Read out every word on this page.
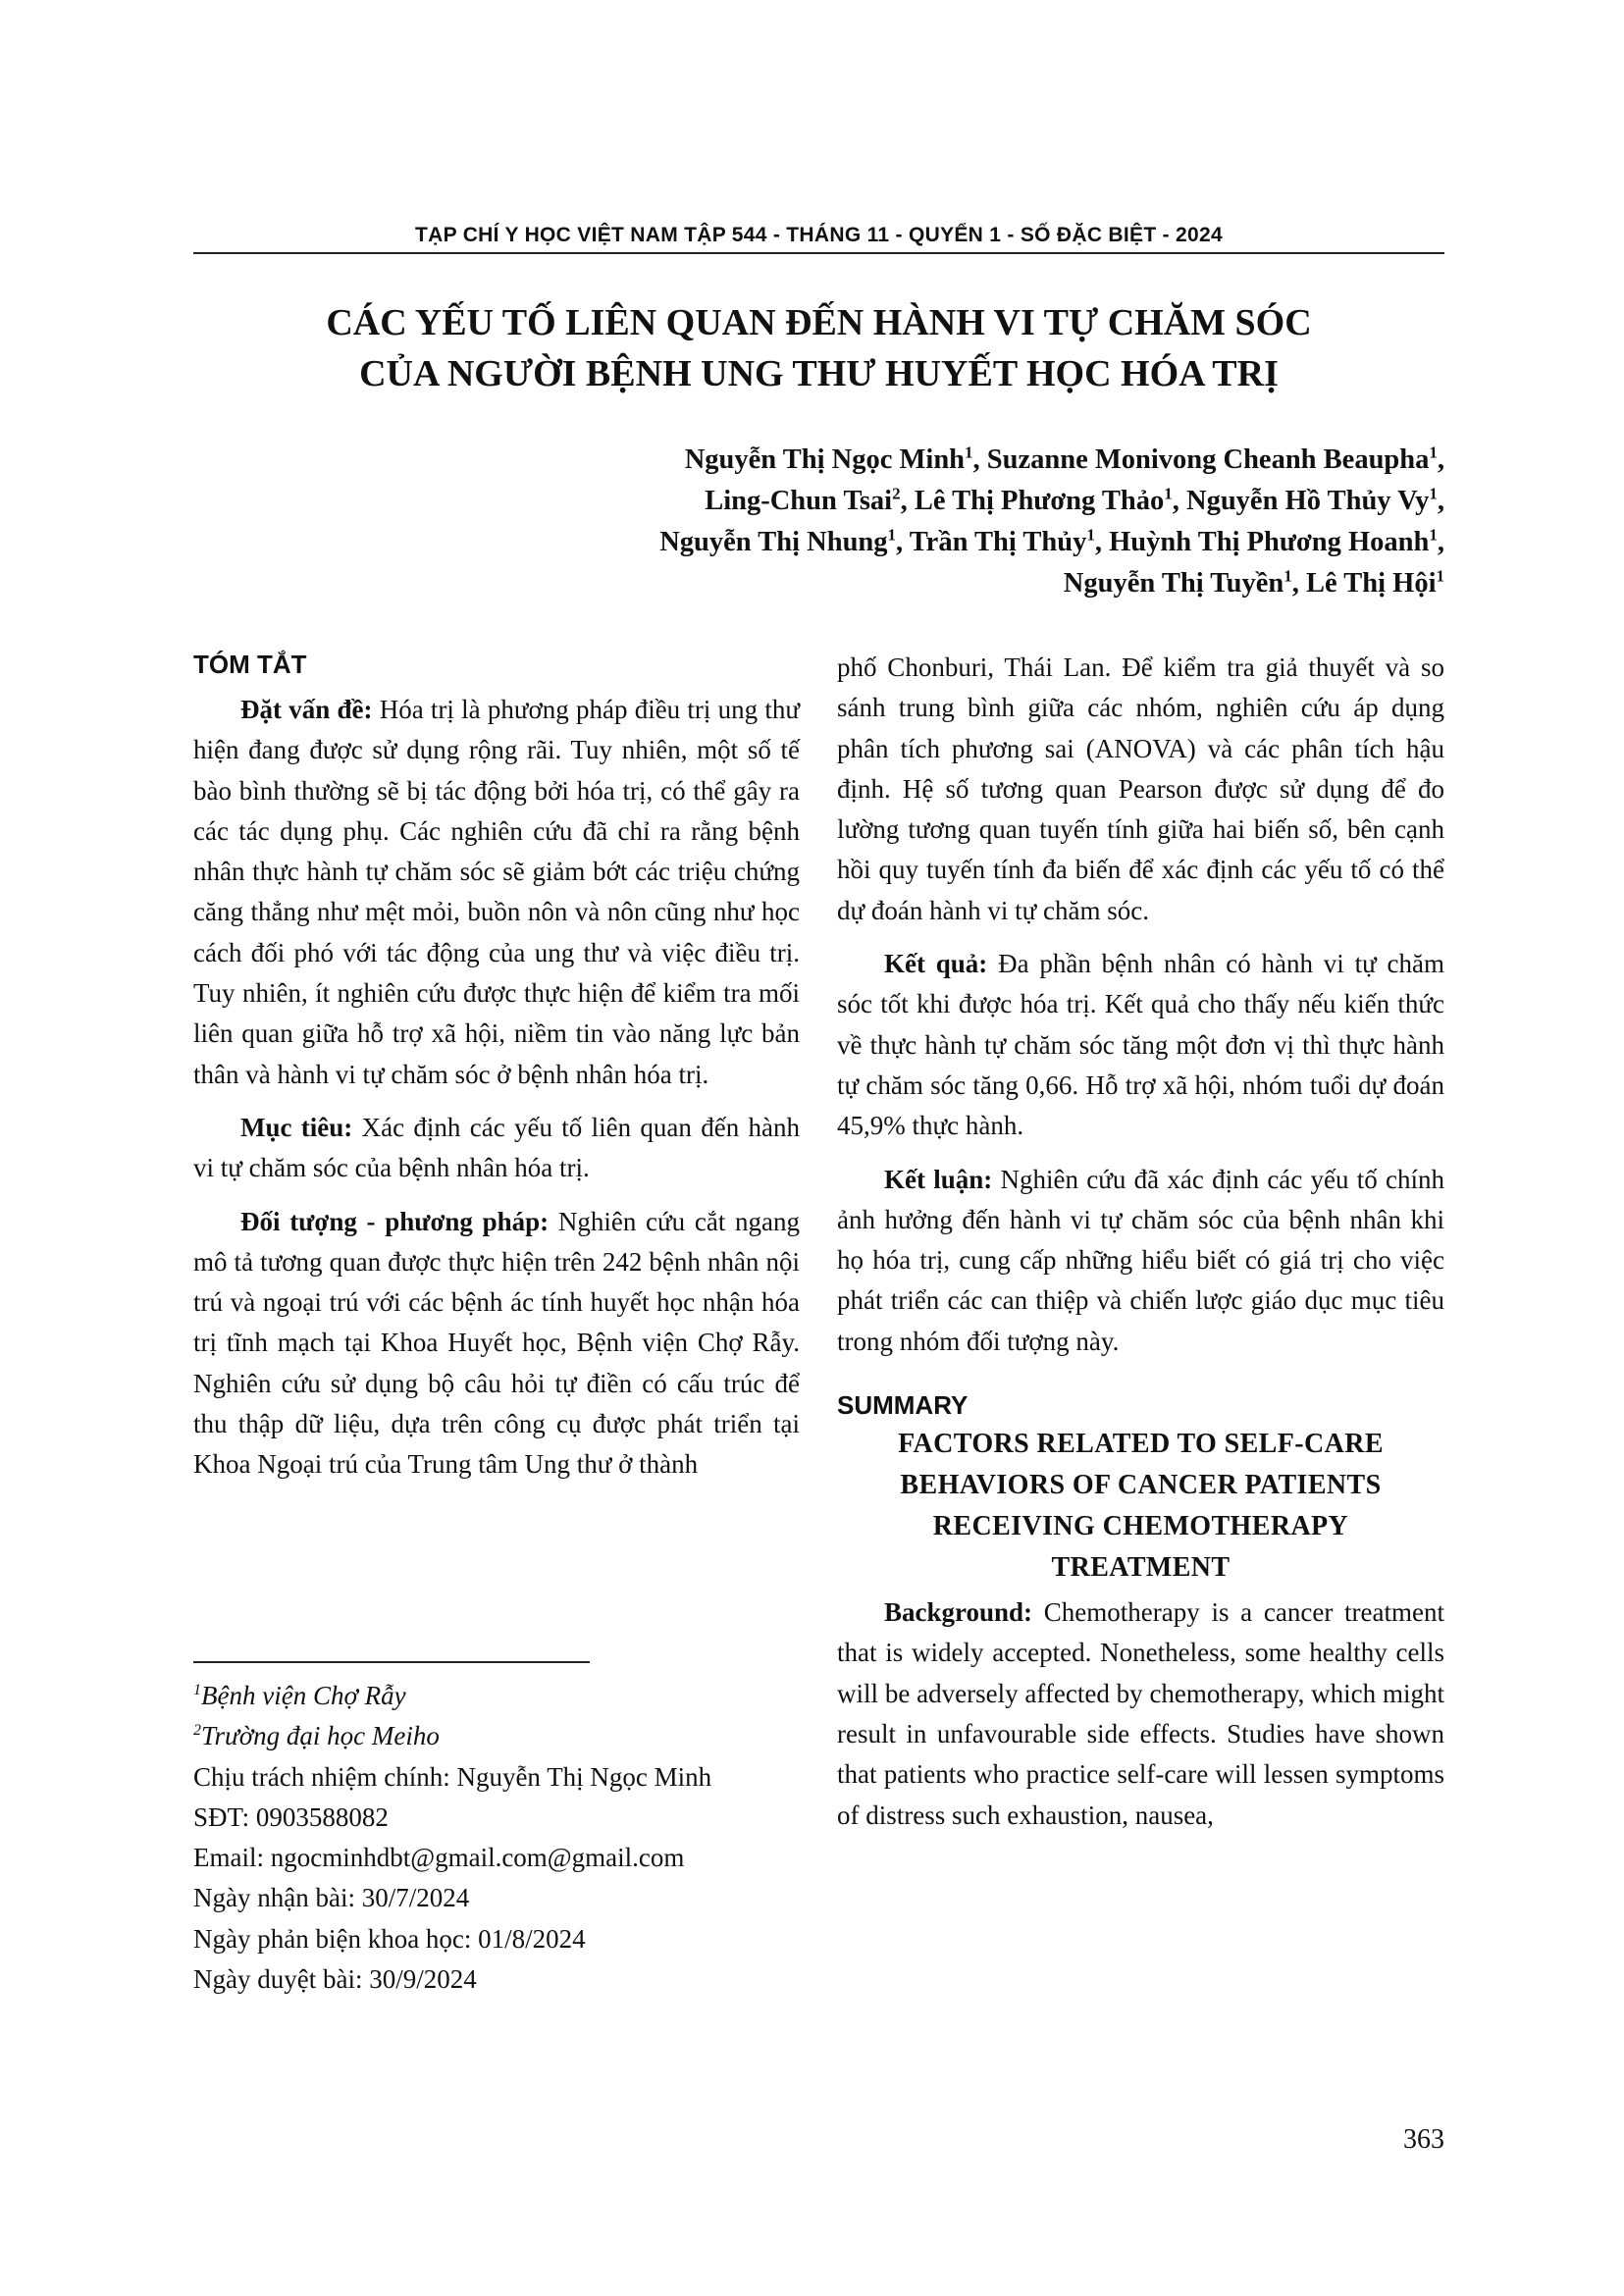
TẠP CHÍ Y HỌC VIỆT NAM TẬP 544 - THÁNG 11 - QUYỂN 1 - SỐ ĐẶC BIỆT - 2024
CÁC YẾU TỐ LIÊN QUAN ĐẾN HÀNH VI TỰ CHĂM SÓC
CỦA NGƯỜI BỆNH UNG THƯ HUYẾT HỌC HÓA TRỊ
Nguyễn Thị Ngọc Minh$^1$, Suzanne Monivong Cheanh Beaupha$^1$,
Ling-Chun Tsai$^2$, Lê Thị Phương Thảo$^1$, Nguyễn Hồ Thủy Vy$^1$,
Nguyễn Thị Nhung$^1$, Trần Thị Thủy$^1$, Huỳnh Thị Phương Hoanh$^1$,
Nguyễn Thị Tuyền$^1$, Lê Thị Hội$^1$
TÓM TẮT

Đặt vấn đề: Hóa trị là phương pháp điều trị ung thư hiện đang được sử dụng rộng rãi. Tuy nhiên, một số tế bào bình thường sẽ bị tác động bởi hóa trị, có thể gây ra các tác dụng phụ. Các nghiên cứu đã chỉ ra rằng bệnh nhân thực hành tự chăm sóc sẽ giảm bớt các triệu chứng căng thẳng như mệt mỏi, buồn nôn và nôn cũng như học cách đối phó với tác động của ung thư và việc điều trị. Tuy nhiên, ít nghiên cứu được thực hiện để kiểm tra mối liên quan giữa hỗ trợ xã hội, niềm tin vào năng lực bản thân và hành vi tự chăm sóc ở bệnh nhân hóa trị.

Mục tiêu: Xác định các yếu tố liên quan đến hành vi tự chăm sóc của bệnh nhân hóa trị.

Đối tượng - phương pháp: Nghiên cứu cắt ngang mô tả tương quan được thực hiện trên 242 bệnh nhân nội trú và ngoại trú với các bệnh ác tính huyết học nhận hóa trị tĩnh mạch tại Khoa Huyết học, Bệnh viện Chợ Rẫy. Nghiên cứu sử dụng bộ câu hỏi tự điền có cấu trúc để thu thập dữ liệu, dựa trên công cụ được phát triển tại Khoa Ngoại trú của Trung tâm Ung thư ở thành

phố Chonburi, Thái Lan. Để kiểm tra giả thuyết và so sánh trung bình giữa các nhóm, nghiên cứu áp dụng phân tích phương sai (ANOVA) và các phân tích hậu định. Hệ số tương quan Pearson được sử dụng để đo lường tương quan tuyến tính giữa hai biến số, bên cạnh hồi quy tuyến tính đa biến để xác định các yếu tố có thể dự đoán hành vi tự chăm sóc.

Kết quả: Đa phần bệnh nhân có hành vi tự chăm sóc tốt khi được hóa trị. Kết quả cho thấy nếu kiến thức về thực hành tự chăm sóc tăng một đơn vị thì thực hành tự chăm sóc tăng 0,66. Hỗ trợ xã hội, nhóm tuổi dự đoán 45,9% thực hành.

Kết luận: Nghiên cứu đã xác định các yếu tố chính ảnh hưởng đến hành vi tự chăm sóc của bệnh nhân khi họ hóa trị, cung cấp những hiểu biết có giá trị cho việc phát triển các can thiệp và chiến lược giáo dục mục tiêu trong nhóm đối tượng này.

SUMMARY
FACTORS RELATED TO SELF-CARE
BEHAVIORS OF CANCER PATIENTS
RECEIVING CHEMOTHERAPY
TREATMENT

Background: Chemotherapy is a cancer treatment that is widely accepted. Nonetheless, some healthy cells will be adversely affected by chemotherapy, which might result in unfavourable side effects. Studies have shown that patients who practice self-care will lessen symptoms of distress such exhaustion, nausea,

$^1$Bệnh viện Chợ Rẫy
$^2$Trường đại học Meiho
Chịu trách nhiệm chính: Nguyễn Thị Ngọc Minh
SĐT: 0903588082
Email: ngocminhdbt@gmail.com@gmail.com
Ngày nhận bài: 30/7/2024
Ngày phản biện khoa học: 01/8/2024
Ngày duyệt bài: 30/9/2024
363
